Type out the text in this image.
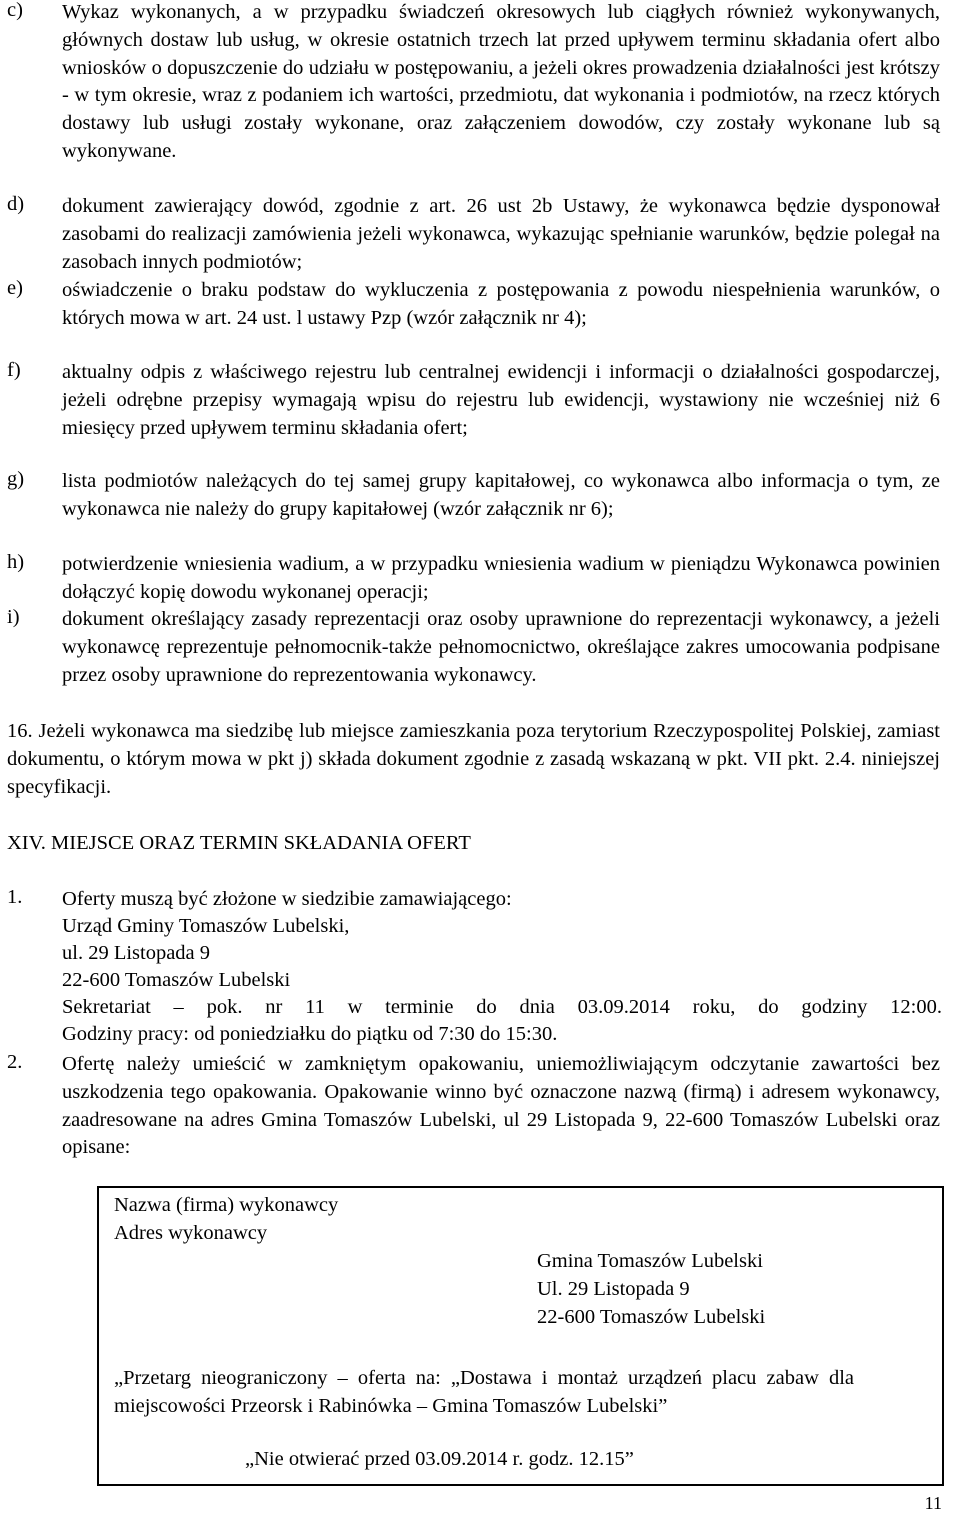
c) Wykaz wykonanych, a w przypadku świadczeń okresowych lub ciągłych również wykonywanych, głównych dostaw lub usług, w okresie ostatnich trzech lat przed upływem terminu składania ofert albo wniosków o dopuszczenie do udziału w postępowaniu, a jeżeli okres prowadzenia działalności jest krótszy - w tym okresie, wraz z podaniem ich wartości, przedmiotu, dat wykonania i podmiotów, na rzecz których dostawy lub usługi zostały wykonane, oraz załączeniem dowodów, czy zostały wykonane lub są wykonywane.
d) dokument zawierający dowód, zgodnie z art. 26 ust 2b Ustawy, że wykonawca będzie dysponował zasobami do realizacji zamówienia jeżeli wykonawca, wykazując spełnianie warunków, będzie polegał na zasobach innych podmiotów;
e) oświadczenie o braku podstaw do wykluczenia z postępowania z powodu niespełnienia warunków, o których mowa w art. 24 ust. l ustawy Pzp (wzór załącznik nr 4);
f) aktualny odpis z właściwego rejestru lub centralnej ewidencji i informacji o działalności gospodarczej, jeżeli odrębne przepisy wymagają wpisu do rejestru lub ewidencji, wystawiony nie wcześniej niż 6 miesięcy przed upływem terminu składania ofert;
g) lista podmiotów należących do tej samej grupy kapitałowej, co wykonawca albo informacja o tym, ze wykonawca nie należy do grupy kapitałowej (wzór załącznik nr 6);
h) potwierdzenie wniesienia wadium, a w przypadku wniesienia wadium w pieniądzu Wykonawca powinien dołączyć kopię dowodu wykonanej operacji;
i) dokument określający zasady reprezentacji oraz osoby uprawnione do reprezentacji wykonawcy, a jeżeli wykonawcę reprezentuje pełnomocnik-także pełnomocnictwo, określające zakres umocowania podpisane przez osoby uprawnione do reprezentowania wykonawcy.
16. Jeżeli wykonawca ma siedzibę lub miejsce zamieszkania poza terytorium Rzeczypospolitej Polskiej, zamiast dokumentu, o którym mowa w pkt j) składa dokument zgodnie z zasadą wskazaną w pkt. VII pkt. 2.4. niniejszej specyfikacji.
XIV. MIEJSCE ORAZ TERMIN SKŁADANIA OFERT
1. Oferty muszą być złożone w siedzibie zamawiającego:
Urząd Gminy Tomaszów Lubelski,
ul. 29 Listopada 9
22-600 Tomaszów Lubelski
Sekretariat – pok. nr 11 w terminie do dnia 03.09.2014 roku, do godziny 12:00.
Godziny pracy: od poniedziałku do piątku od 7:30 do 15:30.
2. Ofertę należy umieścić w zamkniętym opakowaniu, uniemożliwiającym odczytanie zawartości bez uszkodzenia tego opakowania. Opakowanie winno być oznaczone nazwą (firmą) i adresem wykonawcy, zaadresowane na adres Gmina Tomaszów Lubelski, ul 29 Listopada 9, 22-600 Tomaszów Lubelski oraz opisane:
Nazwa (firma) wykonawcy
Adres wykonawcy
Gmina Tomaszów Lubelski
Ul. 29 Listopada 9
22-600 Tomaszów Lubelski
„Przetarg nieograniczony – oferta na: „Dostawa i montaż urządzeń placu zabaw dla miejscowości Przeorsk i Rabinówka – Gmina Tomaszów Lubelski”
„Nie otwierać przed 03.09.2014 r. godz. 12.15”
11
